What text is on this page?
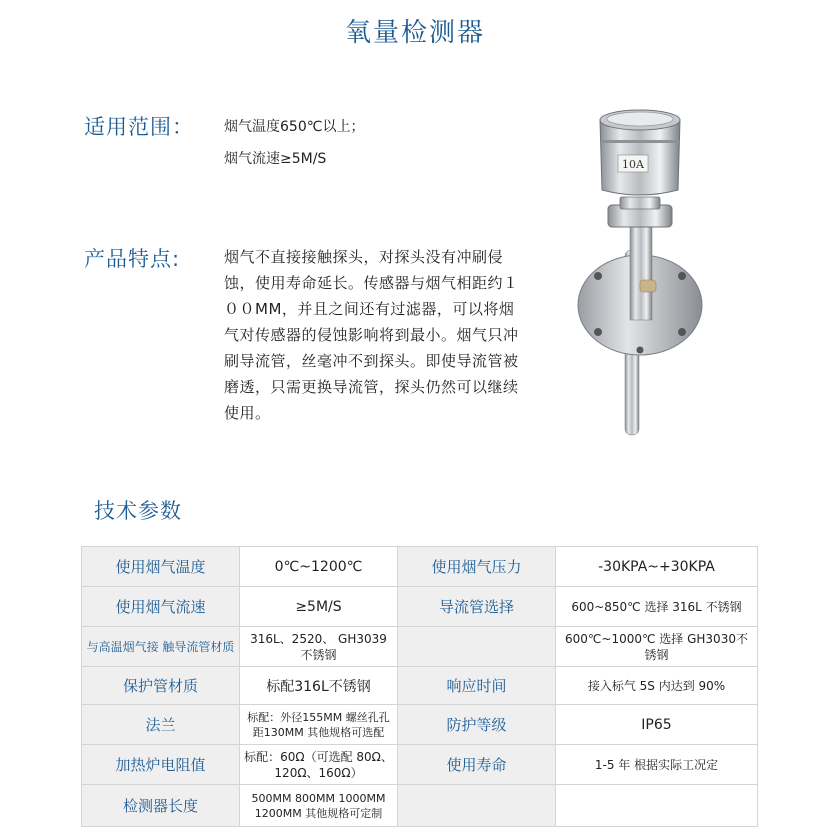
氧量检测器
适用范围： 烟气温度650℃以上；
烟气流速≥5M/S
产品特点:	烟气不直接接触探头，对探头没有冲刷侵蚀，使用寿命延长。传感器与烟气相距约１００MM，并且之间还有过滤器，可以将烟气对传感器的侵蚀影响将到最小。烟气只冲刷导流管，丝毫冲不到探头。即使导流管被磨透，只需更换导流管，探头仍然可以继续使用。
10A
技术参数
使用烟气温度	0℃~1200℃	使用烟气压力	-30KPA~+30KPA
使用烟气流速	≥5M/S	导流管选择	600~850℃ 选择 316L 不锈钢
与高温烟气接 触导流管材质	316L、2520、 GH3039 不锈钢		600℃~1000℃ 选择 GH3030不锈钢
保护管材质	标配316L不锈钢	响应时间	接入标气 5S 内达到 90%
法兰	标配：外径155MM 螺丝孔孔 距130MM 其他规格可选配	防护等级	IP65
加热炉电阻值	标配：60Ω（可选配 80Ω、120Ω、160Ω）	使用寿命	1-5 年 根据实际工况定
检测器长度	500MM 800MM 1000MM 1200MM 其他规格可定制		
